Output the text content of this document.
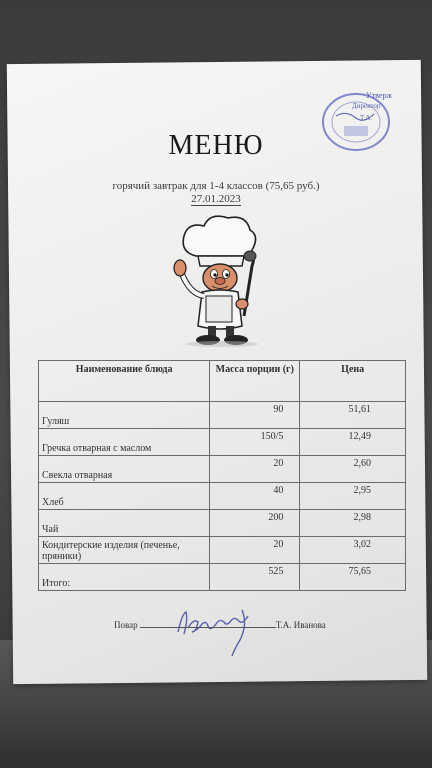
Утверж
Директор
Т.А.
МЕНЮ
горячий завтрак для 1-4 классов (75,65 руб.)
27.01.2023
Наименование блюда	Масса порции (г)	Цена

Гуляш	90	51,61

Гречка отварная с маслом	150/5	12,49

Свекла отварная	20	2,60

Хлеб	40	2,95

Чай	200	2,98

Кондитерские изделия (печенье, пряники)	20	3,02

Итого:	525	75,65
Повар	Т.А. Иванова
